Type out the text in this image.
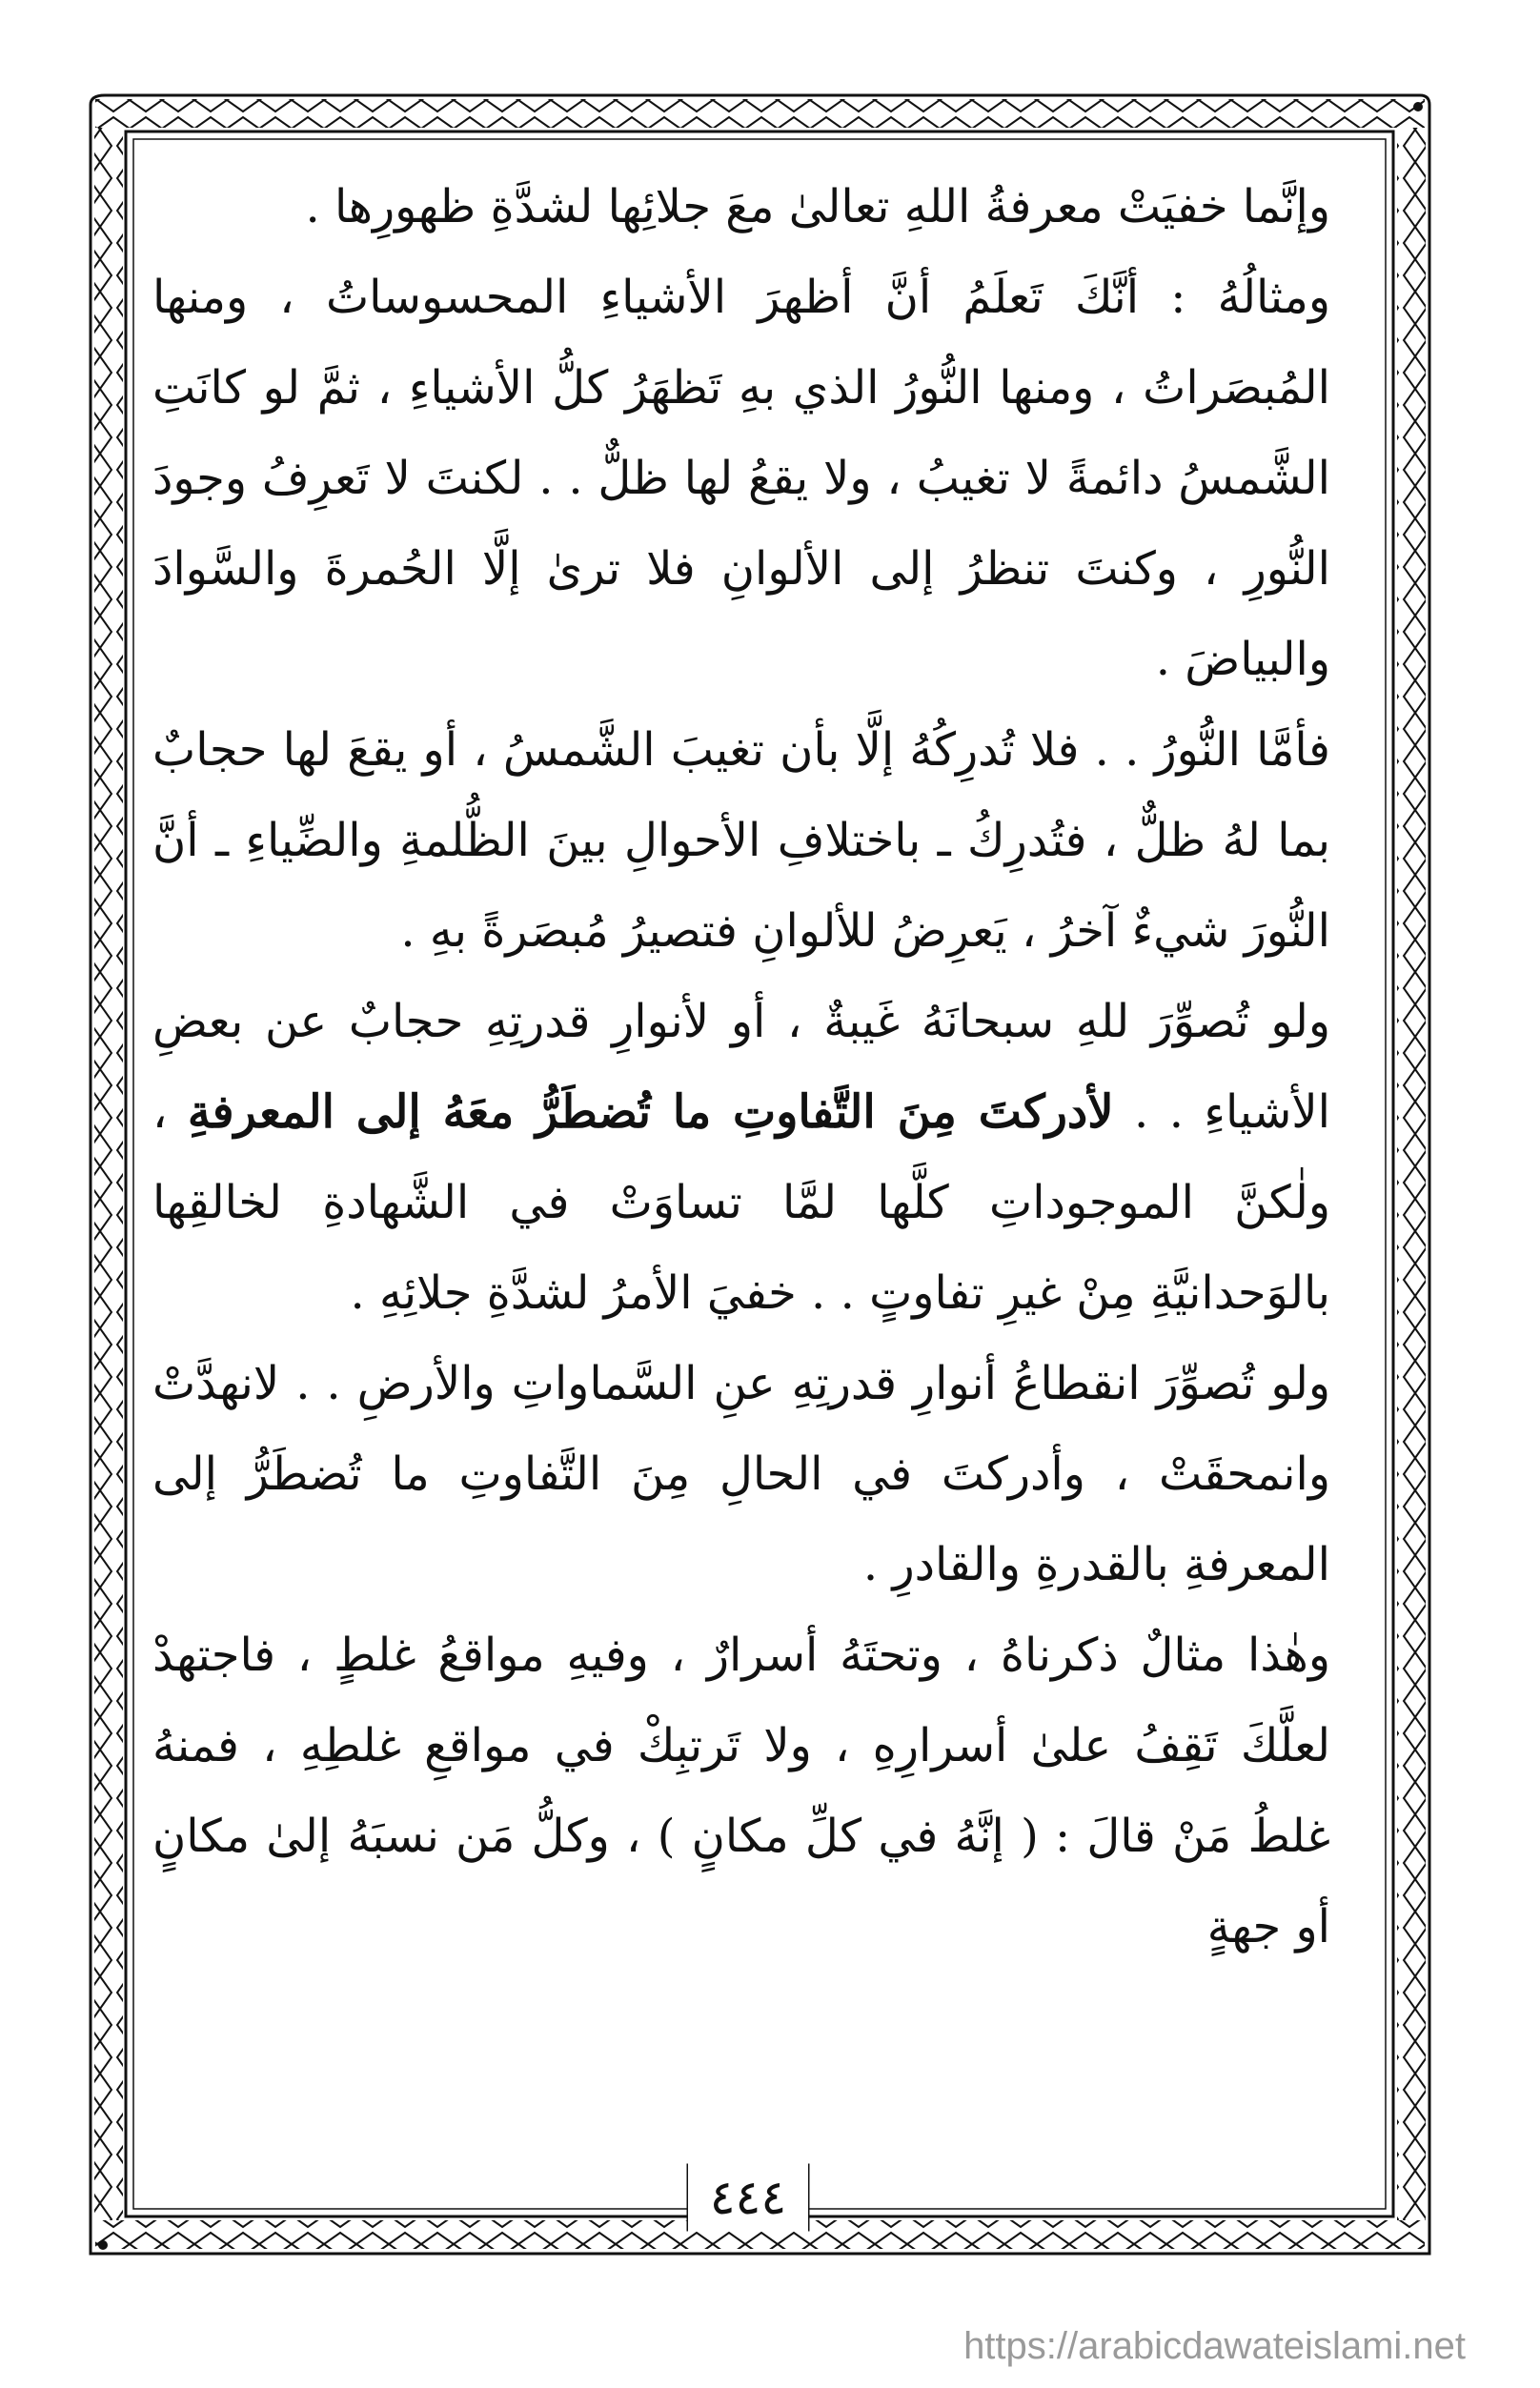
وإنَّما خفيَتْ معرفةُ اللهِ تعالىٰ معَ جلائِها لشدَّةِ ظهورِها .

ومثالُهُ : أنَّكَ تَعلَمُ أنَّ أظهرَ الأشياءِ المحسوساتُ ، ومنها المُبصَراتُ ، ومنها النُّورُ الذي بهِ تَظهَرُ كلُّ الأشياءِ ، ثمَّ لو كانَتِ الشَّمسُ دائمةً لا تغيبُ ، ولا يقعُ لها ظلٌّ . . لكنتَ لا تَعرِفُ وجودَ النُّورِ ، وكنتَ تنظرُ إلى الألوانِ فلا ترىٰ إلَّا الحُمرةَ والسَّوادَ والبياضَ .

فأمَّا النُّورُ . . فلا تُدرِكُهُ إلَّا بأن تغيبَ الشَّمسُ ، أو يقعَ لها حجابٌ بما لهُ ظلٌّ ، فتُدرِكُ ـ باختلافِ الأحوالِ بينَ الظُّلمةِ والضِّياءِ ـ أنَّ النُّورَ شيءٌ آخرُ ، يَعرِضُ للألوانِ فتصيرُ مُبصَرةً بهِ .

ولو تُصوِّرَ للهِ سبحانَهُ غَيبةٌ ، أو لأنوارِ قدرتِهِ حجابٌ عن بعضِ الأشياءِ . . لأدركتَ مِنَ التَّفاوتِ ما تُضطَرُّ معَهُ إلى المعرفةِ ، ولٰكنَّ الموجوداتِ كلَّها لمَّا تساوَتْ في الشَّهادةِ لخالقِها بالوَحدانيَّةِ مِنْ غيرِ تفاوتٍ . . خفيَ الأمرُ لشدَّةِ جلائِهِ .

ولو تُصوِّرَ انقطاعُ أنوارِ قدرتِهِ عنِ السَّماواتِ والأرضِ . . لانهدَّتْ وانمحقَتْ ، وأدركتَ في الحالِ مِنَ التَّفاوتِ ما تُضطَرُّ إلى المعرفةِ بالقدرةِ والقادرِ .

وهٰذا مثالٌ ذكرناهُ ، وتحتَهُ أسرارٌ ، وفيهِ مواقعُ غلطٍ ، فاجتهدْ لعلَّكَ تَقِفُ علىٰ أسرارِهِ ، ولا تَرتبِكْ في مواقعِ غلطِهِ ، فمنهُ غلطُ مَنْ قالَ : ( إنَّهُ في كلِّ مكانٍ ) ، وكلُّ مَن نسبَهُ إلىٰ مكانٍ أو جهةٍ

٤٤٤
https://arabicdawateislami.net
